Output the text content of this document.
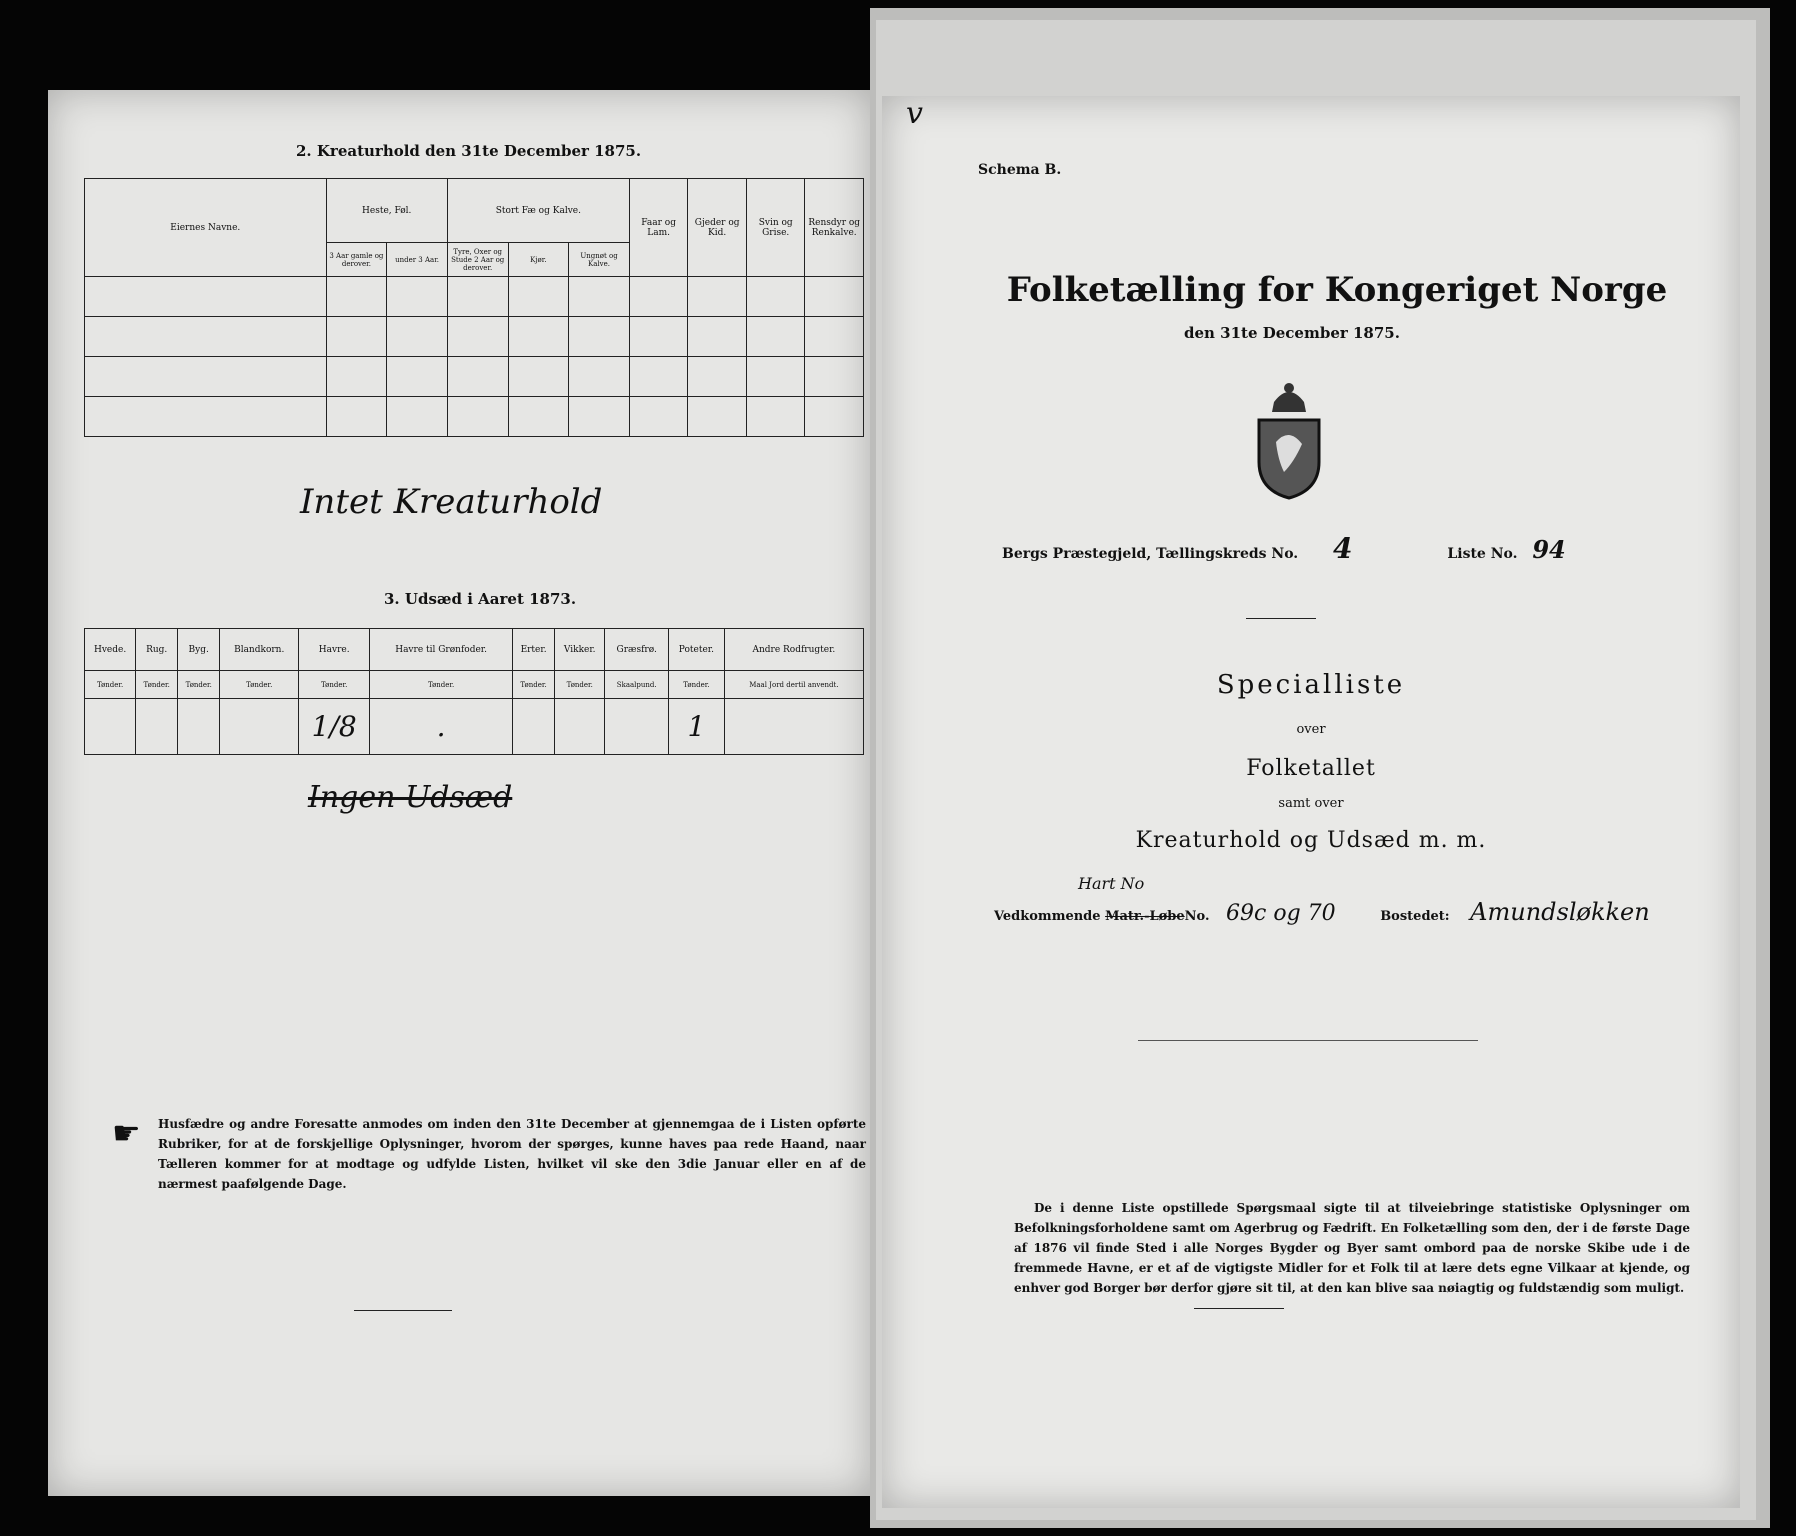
2. Kreaturhold den 31te December 1875.
Eiernes Navne.	Heste, Føl.		Stort Fæ og Kalve.			Faar og Lam.	Gjeder og Kid.	Svin og Grise.	Rensdyr og Renkalve.
	3 Aar gamle og derover.	under 3 Aar.	Tyre, Oxer og Stude 2 Aar og derover.	Kjør.	Ungnøt og Kalve.				

Intet Kreaturhold
3. Udsæd i Aaret 1873.
Hvede.	Rug.	Byg.	Blandkorn.	Havre.	Havre til Grønfoder.	Erter.	Vikker.	Græsfrø.	Poteter.	Andre Rodfrugter.
Tønder.	Tønder.	Tønder.	Tønder.	Tønder.	Tønder.	Tønder.	Tønder.	Skaalpund.	Tønder.	Maal Jord dertil anvendt.
				1/8	.				1	
Ingen Udsæd
☛ Husfædre og andre Foresatte anmodes om inden den 31te December at gjennemgaa de i Listen opførte Rubriker, for at de forskjellige Oplysninger, hvorom der spørges, kunne haves paa rede Haand, naar Tælleren kommer for at modtage og udfylde Listen, hvilket vil ske den 3die Januar eller en af de nærmest paafølgende Dage.
v
Schema B.
Folketælling for Kongeriget Norge
den 31te December 1875.
Bergs Præstegjeld, Tællingskreds No. 4	Liste No. 94
Specialliste
over
Folketallet
samt over
Kreaturhold og Udsæd m. m.
Vedkommende Matr.-LøbeNo. 69c og 70	Bostedet: Amundsløkken
Hart No
De i denne Liste opstillede Spørgsmaal sigte til at tilveiebringe statistiske Oplysninger om Befolkningsforholdene samt om Agerbrug og Fædrift. En Folketælling som den, der i de første Dage af 1876 vil finde Sted i alle Norges Bygder og Byer samt ombord paa de norske Skibe ude i de fremmede Havne, er et af de vigtigste Midler for et Folk til at lære dets egne Vilkaar at kjende, og enhver god Borger bør derfor gjøre sit til, at den kan blive saa nøiagtig og fuldstændig som muligt.
